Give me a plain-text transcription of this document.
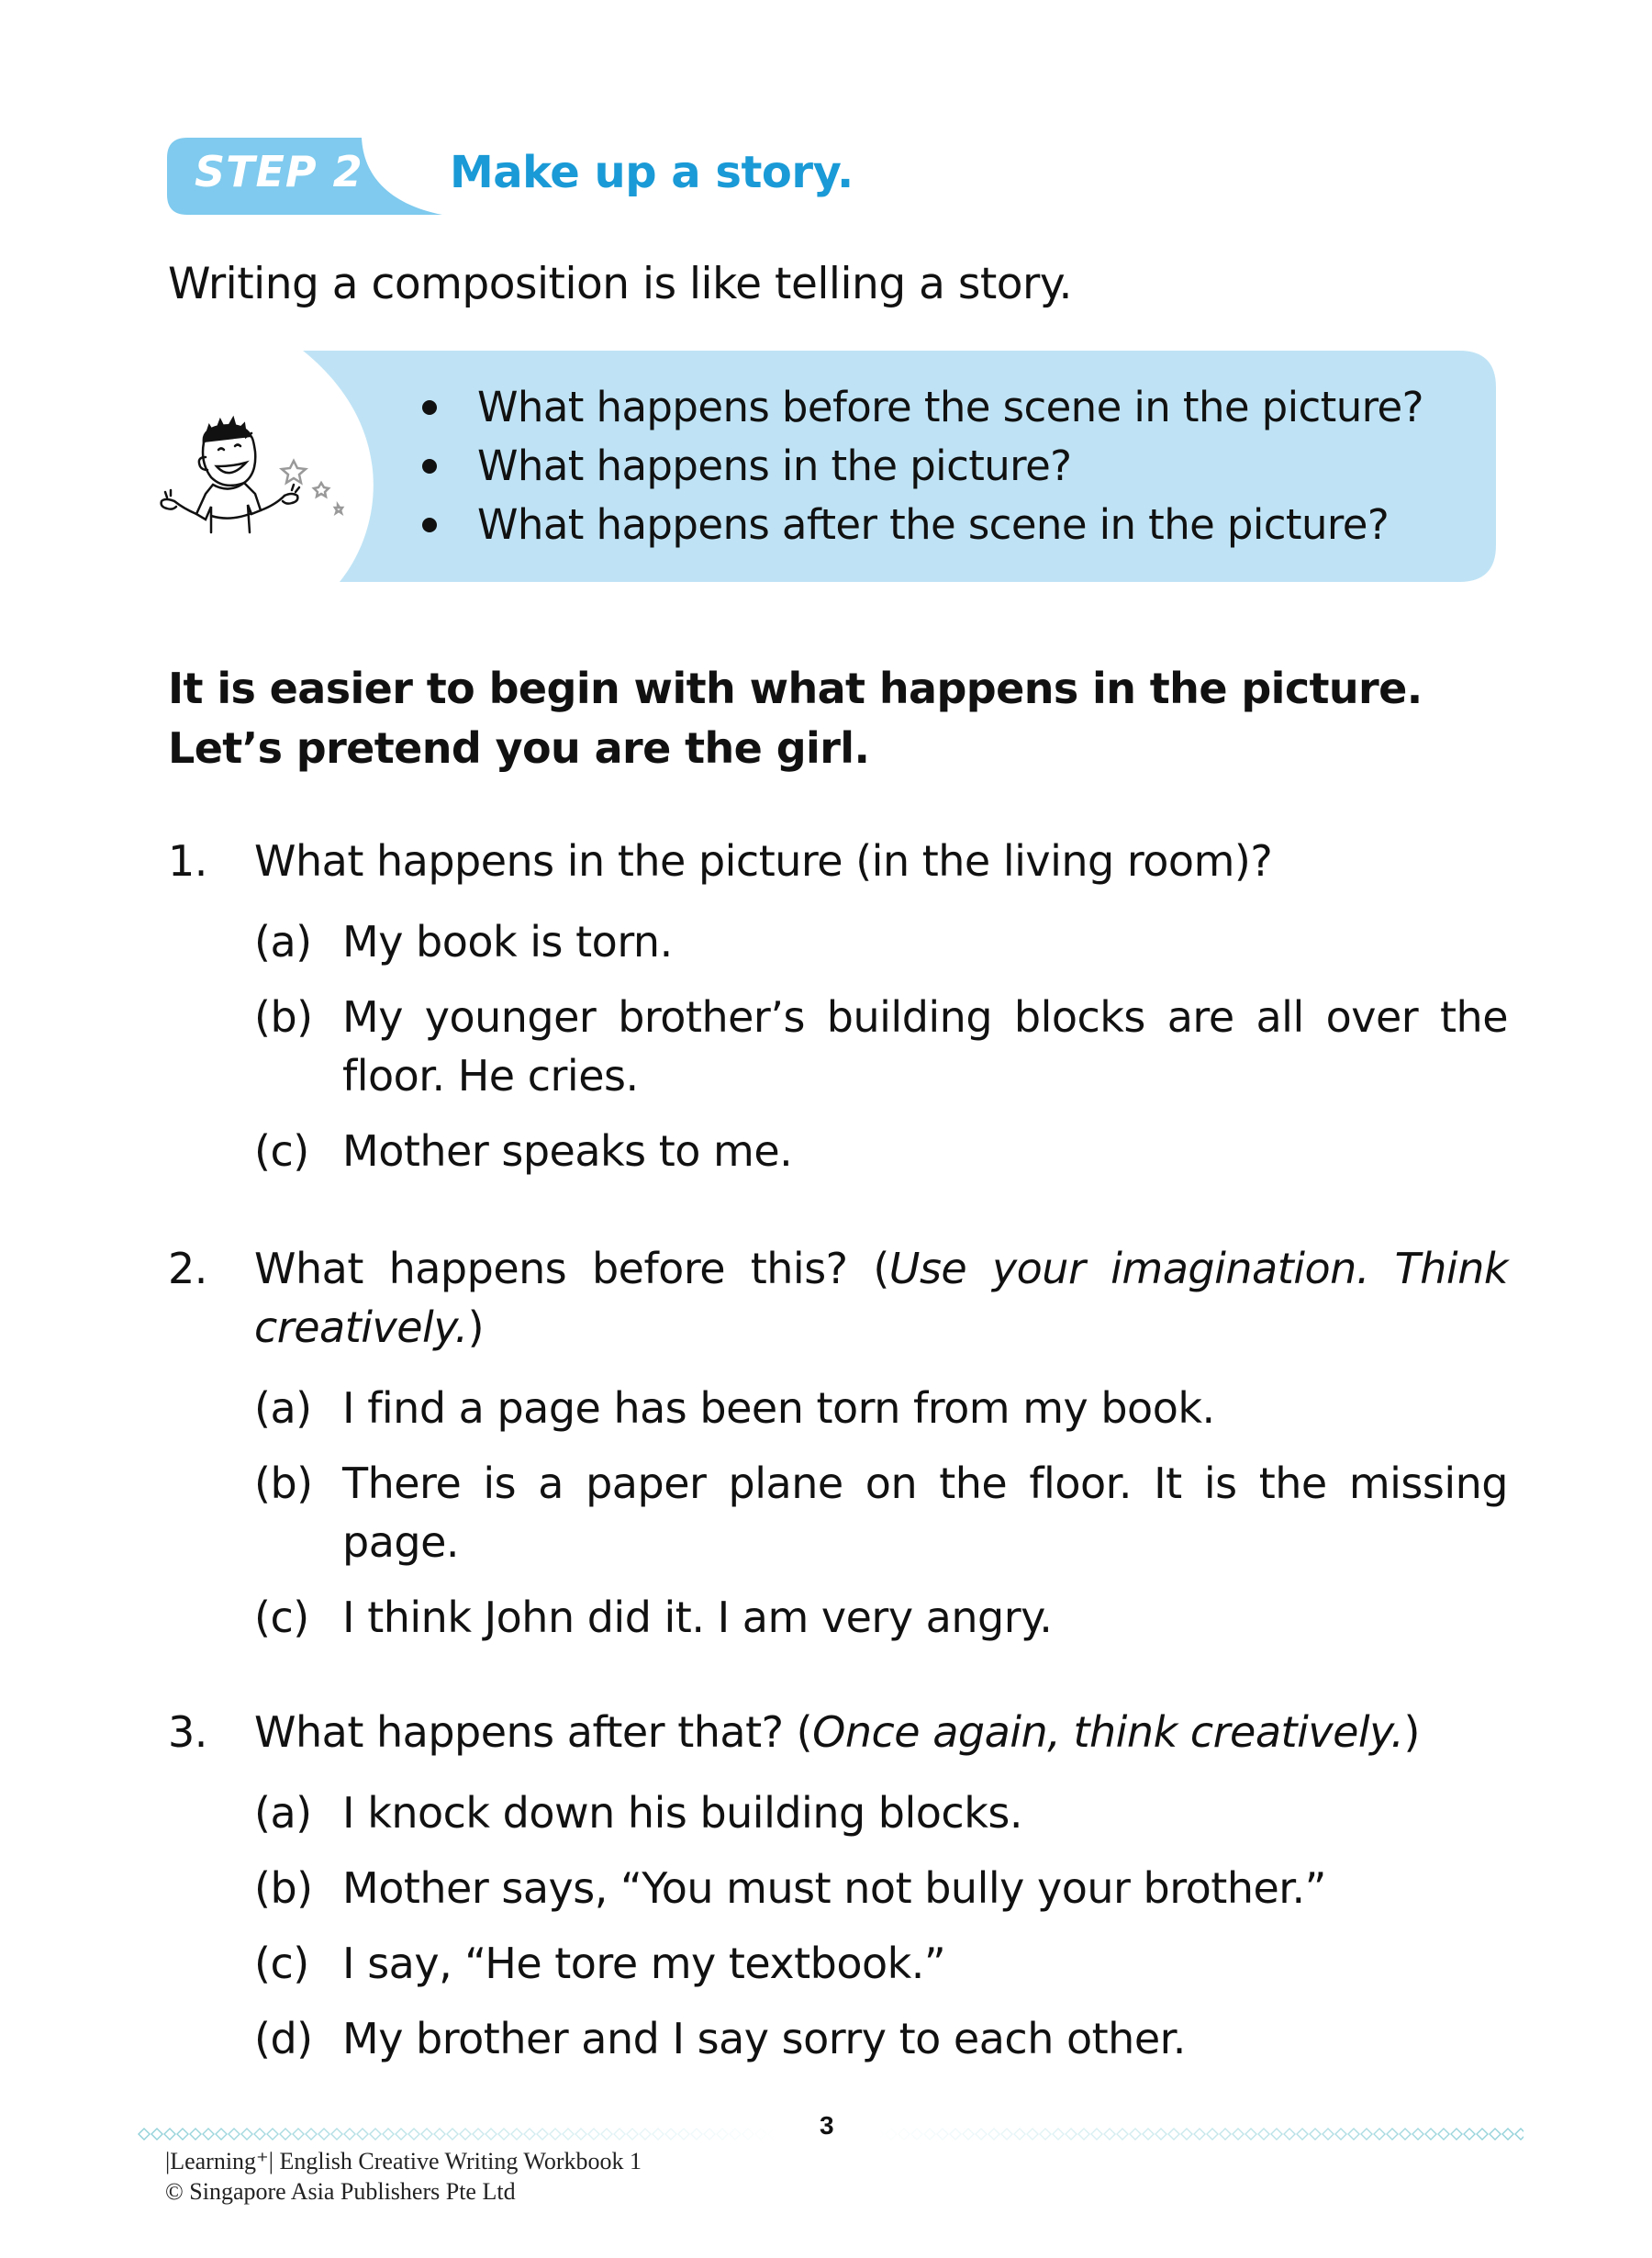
STEP 2 Make up a story.
Writing a composition is like telling a story.
What happens before the scene in the picture?
What happens in the picture?
What happens after the scene in the picture?
It is easier to begin with what happens in the picture. Let’s pretend you are the girl.
1. What happens in the picture (in the living room)?
(a) My book is torn.
(b) My younger brother’s building blocks are all over the floor. He cries.
(c) Mother speaks to me.
2. What happens before this? (Use your imagination. Think creatively.)
(a) I find a page has been torn from my book.
(b) There is a paper plane on the floor. It is the missing page.
(c) I think John did it. I am very angry.
3. What happens after that? (Once again, think creatively.)
(a) I knock down his building blocks.
(b) Mother says, “You must not bully your brother.”
(c) I say, “He tore my textbook.”
(d) My brother and I say sorry to each other.
3
|Learning⁺| English Creative Writing Workbook 1
© Singapore Asia Publishers Pte Ltd
